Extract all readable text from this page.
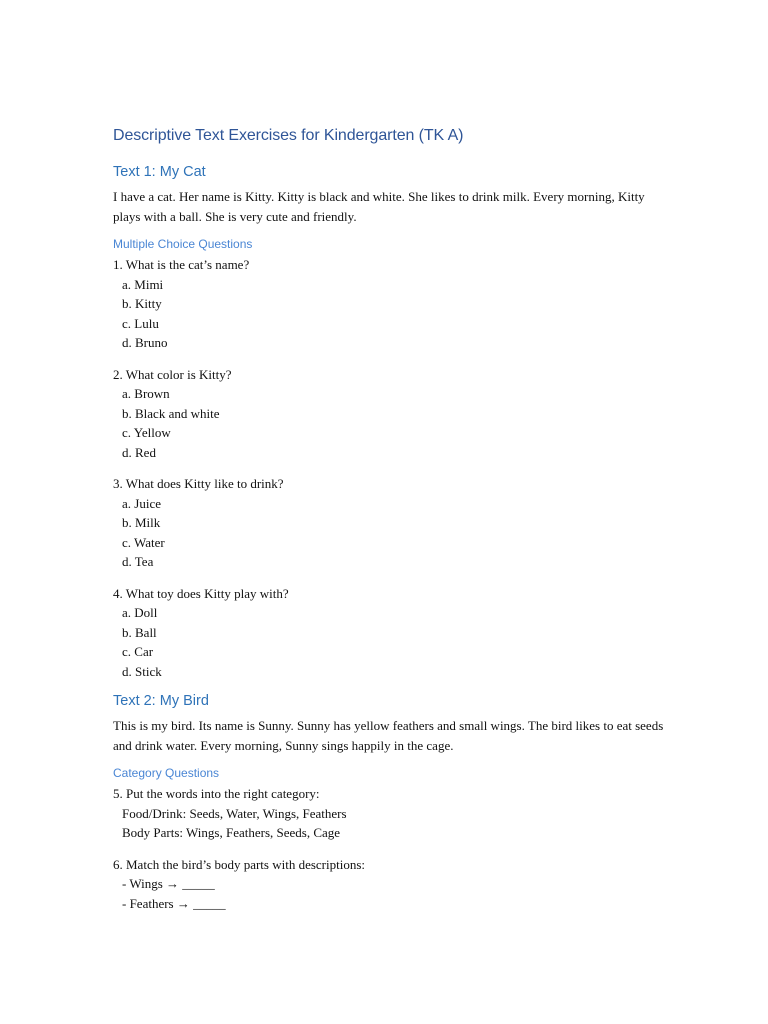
Descriptive Text Exercises for Kindergarten (TK A)
Text 1: My Cat

I have a cat. Her name is Kitty. Kitty is black and white. She likes to drink milk. Every morning, Kitty plays with a ball. She is very cute and friendly.

Multiple Choice Questions

1. What is the cat’s name?

a. Mimi

b. Kitty

c. Lulu

d. Bruno

2. What color is Kitty?

a. Brown

b. Black and white

c. Yellow

d. Red

3. What does Kitty like to drink?

a. Juice

b. Milk

c. Water

d. Tea

4. What toy does Kitty play with?

a. Doll

b. Ball

c. Car

d. Stick

Text 2: My Bird

This is my bird. Its name is Sunny. Sunny has yellow feathers and small wings. The bird likes to eat seeds and drink water. Every morning, Sunny sings happily in the cage.

Category Questions

5. Put the words into the right category:

Food/Drink: Seeds, Water, Wings, Feathers

Body Parts: Wings, Feathers, Seeds, Cage

6. Match the bird’s body parts with descriptions:

- Wings → _____

- Feathers → _____
